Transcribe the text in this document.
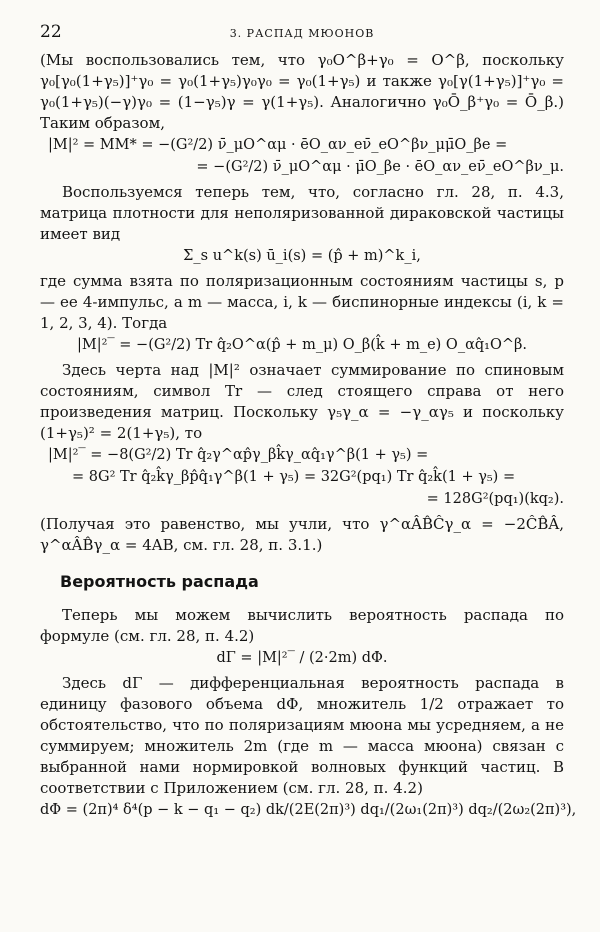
22	3. РАСПАД МЮОНОВ

(Мы воспользовались тем, что γ₀O^β+γ₀ = O^β, поскольку γ₀[γ₀(1+γ₅)]⁺γ₀ = γ₀(1+γ₅)γ₀γ₀ = γ₀(1+γ₅) и также γ₀[γ(1+γ₅)]⁺γ₀ = γ₀(1+γ₅)(−γ)γ₀ = (1−γ₅)γ = γ(1+γ₅). Аналогично γ₀Ō_β⁺γ₀ = Ō_β.) Таким образом,

|M|² = MM* = −(G²/2) ν̄_μO^αμ · ēO_αν_eν̄_eO^βν_μμ̄O_βe =
= −(G²/2) ν̄_μO^αμ · μ̄O_βe · ēO_αν_eν̄_eO^βν_μ.

Воспользуемся теперь тем, что, согласно гл. 28, п. 4.3, матрица плотности для неполяризованной дираковской частицы имеет вид

Σ_s u^k(s) ū_i(s) = (p̂ + m)^k_i,

где сумма взята по поляризационным состояниям частицы s, p — ее 4-импульс, a m — масса, i, k — биспинорные индексы (i, k = 1, 2, 3, 4). Тогда

|M|²‾ = −(G²/2) Tr q̂₂O^α(p̂ + m_μ) O_β(k̂ + m_e) O_αq̂₁O^β.

Здесь черта над |M|² означает суммирование по спиновым состояниям, символ Tr — след стоящего справа от него произведения матриц. Поскольку γ₅γ_α = −γ_αγ₅ и поскольку (1+γ₅)² = 2(1+γ₅), то

|M|²‾ = −8(G²/2) Tr q̂₂γ^αp̂γ_βk̂γ_αq̂₁γ^β(1 + γ₅) =
= 8G² Tr q̂₂k̂γ_βp̂q̂₁γ^β(1 + γ₅) = 32G²(pq₁) Tr q̂₂k̂(1 + γ₅) =
= 128G²(pq₁)(kq₂).

(Получая это равенство, мы учли, что γ^αÂB̂Ĉγ_α = −2ĈB̂Â, γ^αÂB̂γ_α = 4AB, см. гл. 28, п. 3.1.)

Вероятность распада

Теперь мы можем вычислить вероятность распада по формуле (см. гл. 28, п. 4.2)

dΓ = |M|²‾ / (2·2m) dΦ.

Здесь dΓ — дифференциальная вероятность распада в единицу фазового объема dΦ, множитель 1/2 отражает то обстоятельство, что по поляризациям мюона мы усредняем, а не суммируем; множитель 2m (где m — масса мюона) связан с выбранной нами нормировкой волновых функций частиц. В соответствии с Приложением (см. гл. 28, п. 4.2)

dΦ = (2π)⁴ δ⁴(p − k − q₁ − q₂) dk/(2E(2π)³) dq₁/(2ω₁(2π)³) dq₂/(2ω₂(2π)³),
